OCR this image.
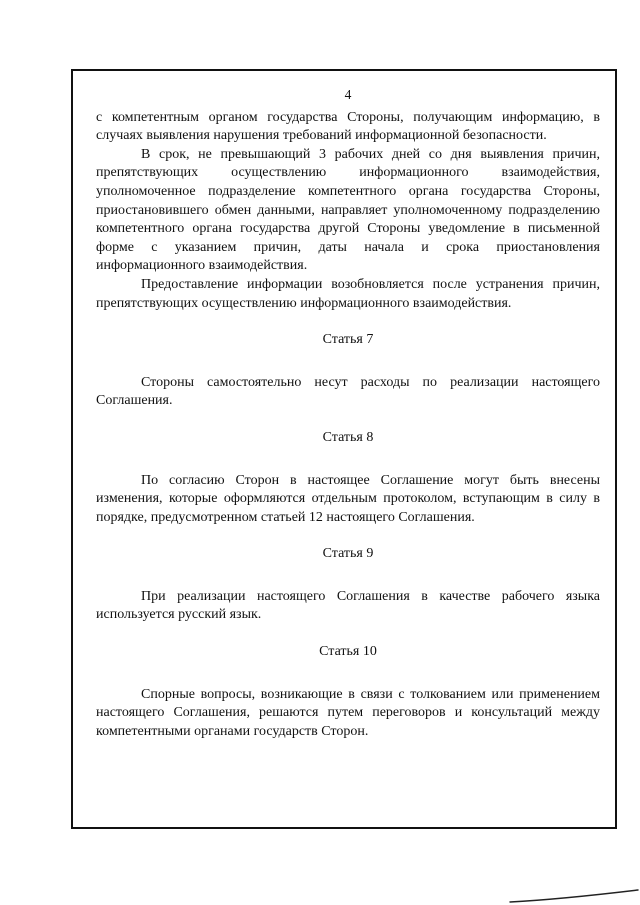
4

с компетентным органом государства Стороны, получающим информацию, в случаях выявления нарушения требований информационной безопасности.

В срок, не превышающий 3 рабочих дней со дня выявления причин, препятствующих осуществлению информационного взаимодействия, уполномоченное подразделение компетентного органа государства Стороны, приостановившего обмен данными, направляет уполномоченному подразделению компетентного органа государства другой Стороны уведомление в письменной форме с указанием причин, даты начала и срока приостановления информационного взаимодействия.

Предоставление информации возобновляется после устранения причин, препятствующих осуществлению информационного взаимодействия.

Статья 7

Стороны самостоятельно несут расходы по реализации настоящего Соглашения.

Статья 8

По согласию Сторон в настоящее Соглашение могут быть внесены изменения, которые оформляются отдельным протоколом, вступающим в силу в порядке, предусмотренном статьей 12 настоящего Соглашения.

Статья 9

При реализации настоящего Соглашения в качестве рабочего языка используется русский язык.

Статья 10

Спорные вопросы, возникающие в связи с толкованием или применением настоящего Соглашения, решаются путем переговоров и консультаций между компетентными органами государств Сторон.
